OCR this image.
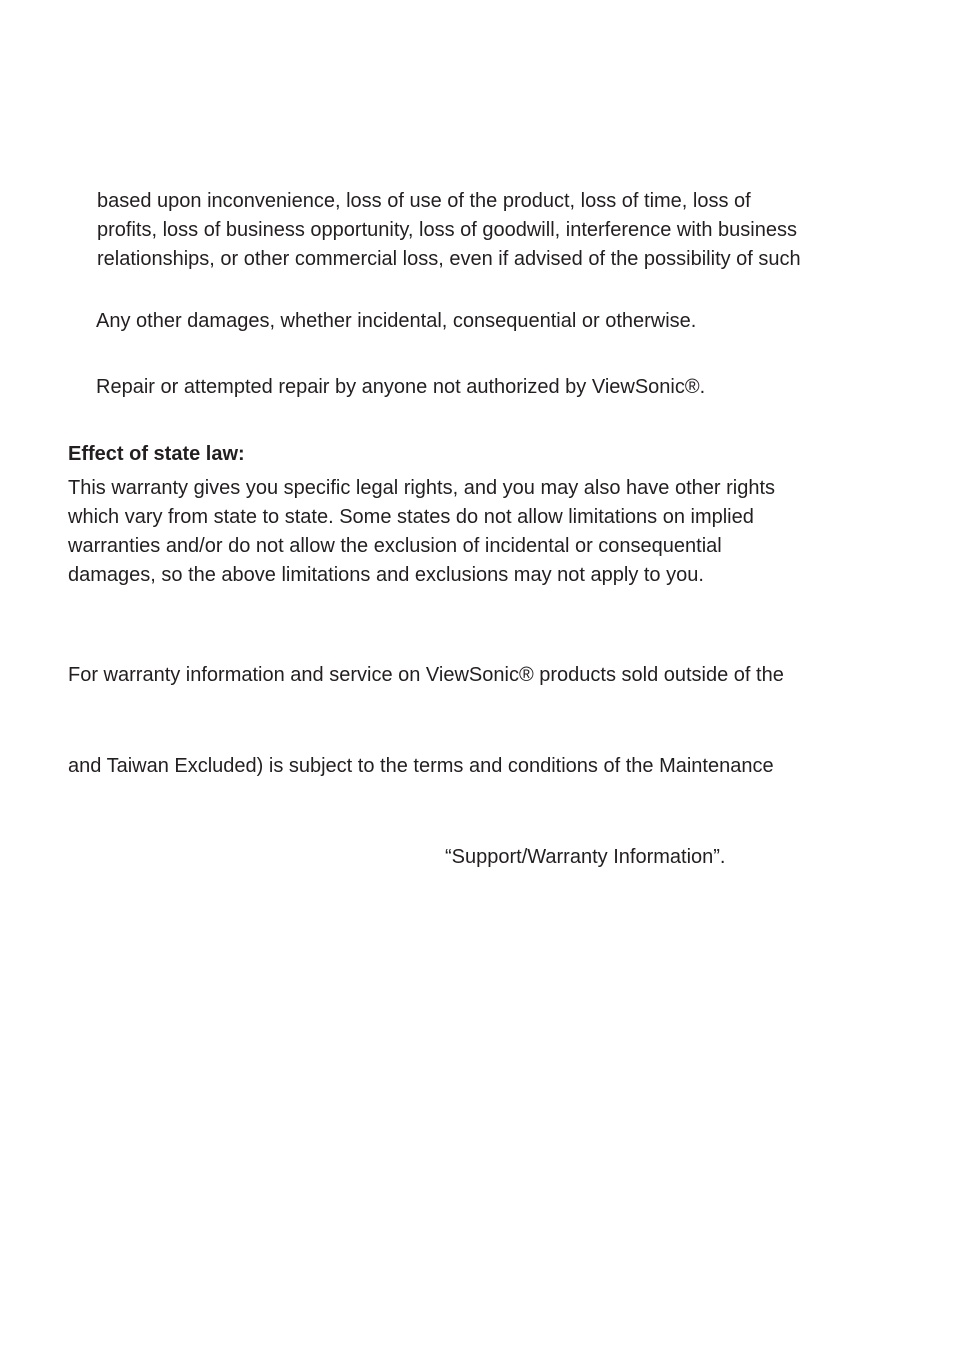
based upon inconvenience, loss of use of the product, loss of time, loss of

profits, loss of business opportunity, loss of goodwill, interference with business

relationships, or other commercial loss, even if advised of the possibility of such

Any other damages, whether incidental, consequential or otherwise.

Repair or attempted repair by anyone not authorized by ViewSonic®.

Effect of state law:

This warranty gives you specific legal rights, and you may also have other rights

which vary from state to state. Some states do not allow limitations on implied

warranties and/or do not allow the exclusion of incidental or consequential

damages, so the above limitations and exclusions may not apply to you.

For warranty information and service on ViewSonic® products sold outside of the

and Taiwan Excluded) is subject to the terms and conditions of the Maintenance

“Support/Warranty Information”.
